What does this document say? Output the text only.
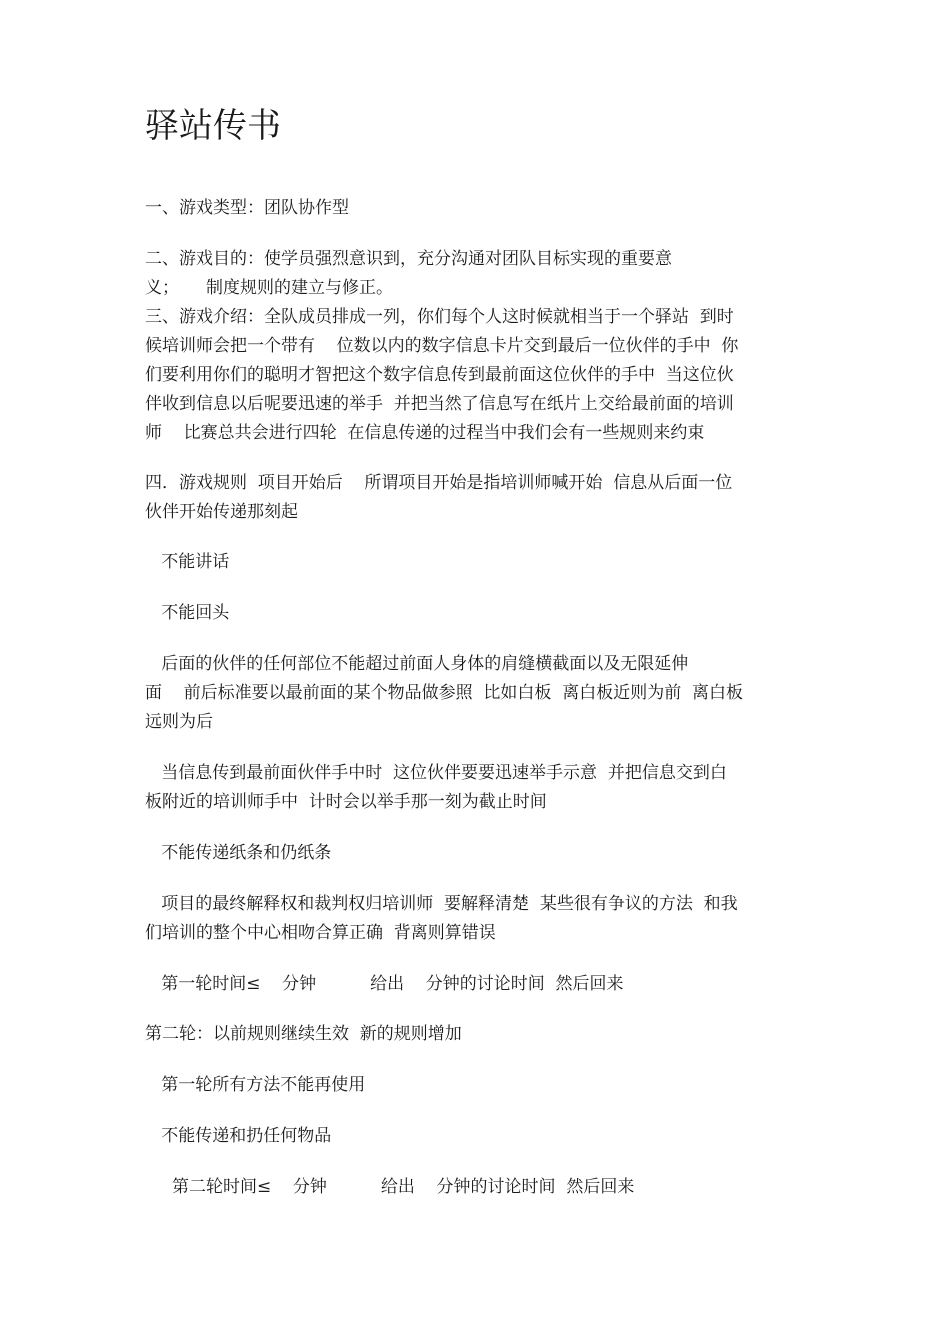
驿站传书
一、游戏类型：团队协作型
二、游戏目的：使学员强烈意识到，充分沟通对团队目标实现的重要意
义；     制度规则的建立与修正。
三、游戏介绍：全队成员排成一列，你们每个人这时候就相当于一个驿站  到时
候培训师会把一个带有    位数以内的数字信息卡片交到最后一位伙伴的手中  你
们要利用你们的聪明才智把这个数字信息传到最前面这位伙伴的手中  当这位伙
伴收到信息以后呢要迅速的举手  并把当然了信息写在纸片上交给最前面的培训
师    比赛总共会进行四轮  在信息传递的过程当中我们会有一些规则来约束
四．游戏规则  项目开始后    所谓项目开始是指培训师喊开始  信息从后面一位
伙伴开始传递那刻起
不能讲话
不能回头
后面的伙伴的任何部位不能超过前面人身体的肩缝横截面以及无限延伸
面    前后标准要以最前面的某个物品做参照  比如白板  离白板近则为前  离白板
远则为后
当信息传到最前面伙伴手中时  这位伙伴要要迅速举手示意  并把信息交到白
板附近的培训师手中  计时会以举手那一刻为截止时间
不能传递纸条和仍纸条
项目的最终解释权和裁判权归培训师  要解释清楚  某些很有争议的方法  和我
们培训的整个中心相吻合算正确  背离则算错误
第一轮时间≤    分钟          给出    分钟的讨论时间  然后回来
第二轮：以前规则继续生效  新的规则增加
第一轮所有方法不能再使用
不能传递和扔任何物品
第二轮时间≤    分钟          给出    分钟的讨论时间  然后回来
